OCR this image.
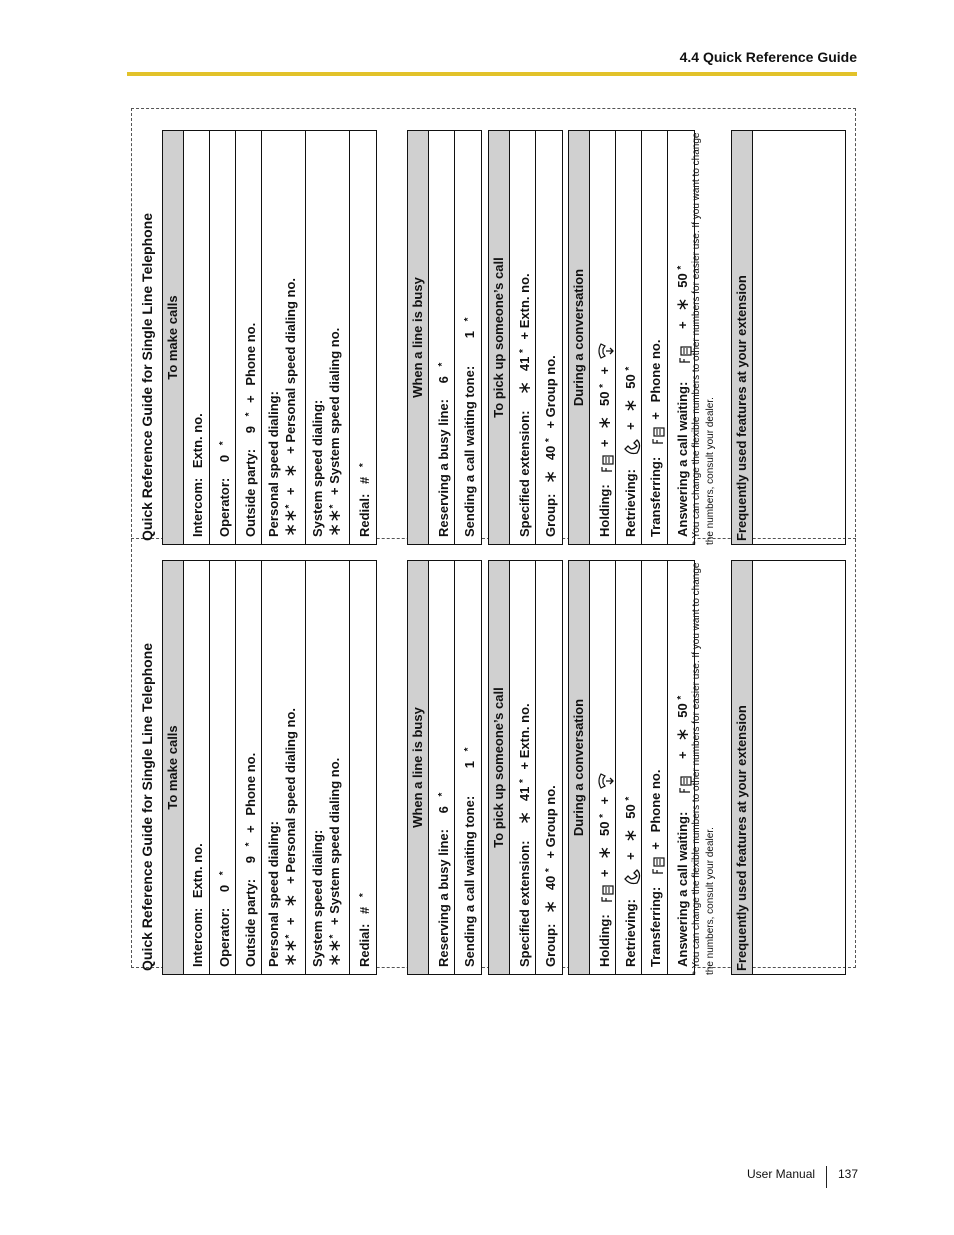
4.4 Quick Reference Guide
Quick Reference Guide for Single Line Telephone To make calls
Intercom: Extn. no.
Operator: 0 *
Outside party: 9 * + Phone no.
Personal speed dialing:
∗∗* + ∗ + Personal speed dialing no.
System speed dialing:
∗∗* + System speed dialing no.
Redial: # *
When a line is busy
Reserving a busy line: 6 *
Sending a call waiting tone: 1 *	To pick up someone’s call
Specified extension: ∗ 41 * + Extn. no.
Group: ∗ 40 * + Group no.	During a conversation
Holding:  + ∗ 50 * +
Retrieving:  + ∗ 50 *
Transferring:  + Phone no.
Answering a call waiting:   + ∗ 50 * * You can change the flexible numbers to other numbers for easier use. If you want to change the numbers, consult your dealer. Frequently used features at your extension
Quick Reference Guide for Single Line Telephone To make calls
Intercom: Extn. no.
Operator: 0 *
Outside party: 9 * + Phone no.
Personal speed dialing:
∗∗* + ∗ + Personal speed dialing no.
System speed dialing:
∗∗* + System speed dialing no.
Redial: # *
When a line is busy
Reserving a busy line: 6 *
Sending a call waiting tone: 1 *	To pick up someone’s call
Specified extension: ∗ 41 * + Extn. no.
Group: ∗ 40 * + Group no.	During a conversation
Holding:  + ∗ 50 * +
Retrieving:  + ∗ 50 *
Transferring:  + Phone no.
Answering a call waiting:   + ∗ 50 * * You can change the flexible numbers to other numbers for easier use. If you want to change the numbers, consult your dealer. Frequently used features at your extension
User Manual 137
